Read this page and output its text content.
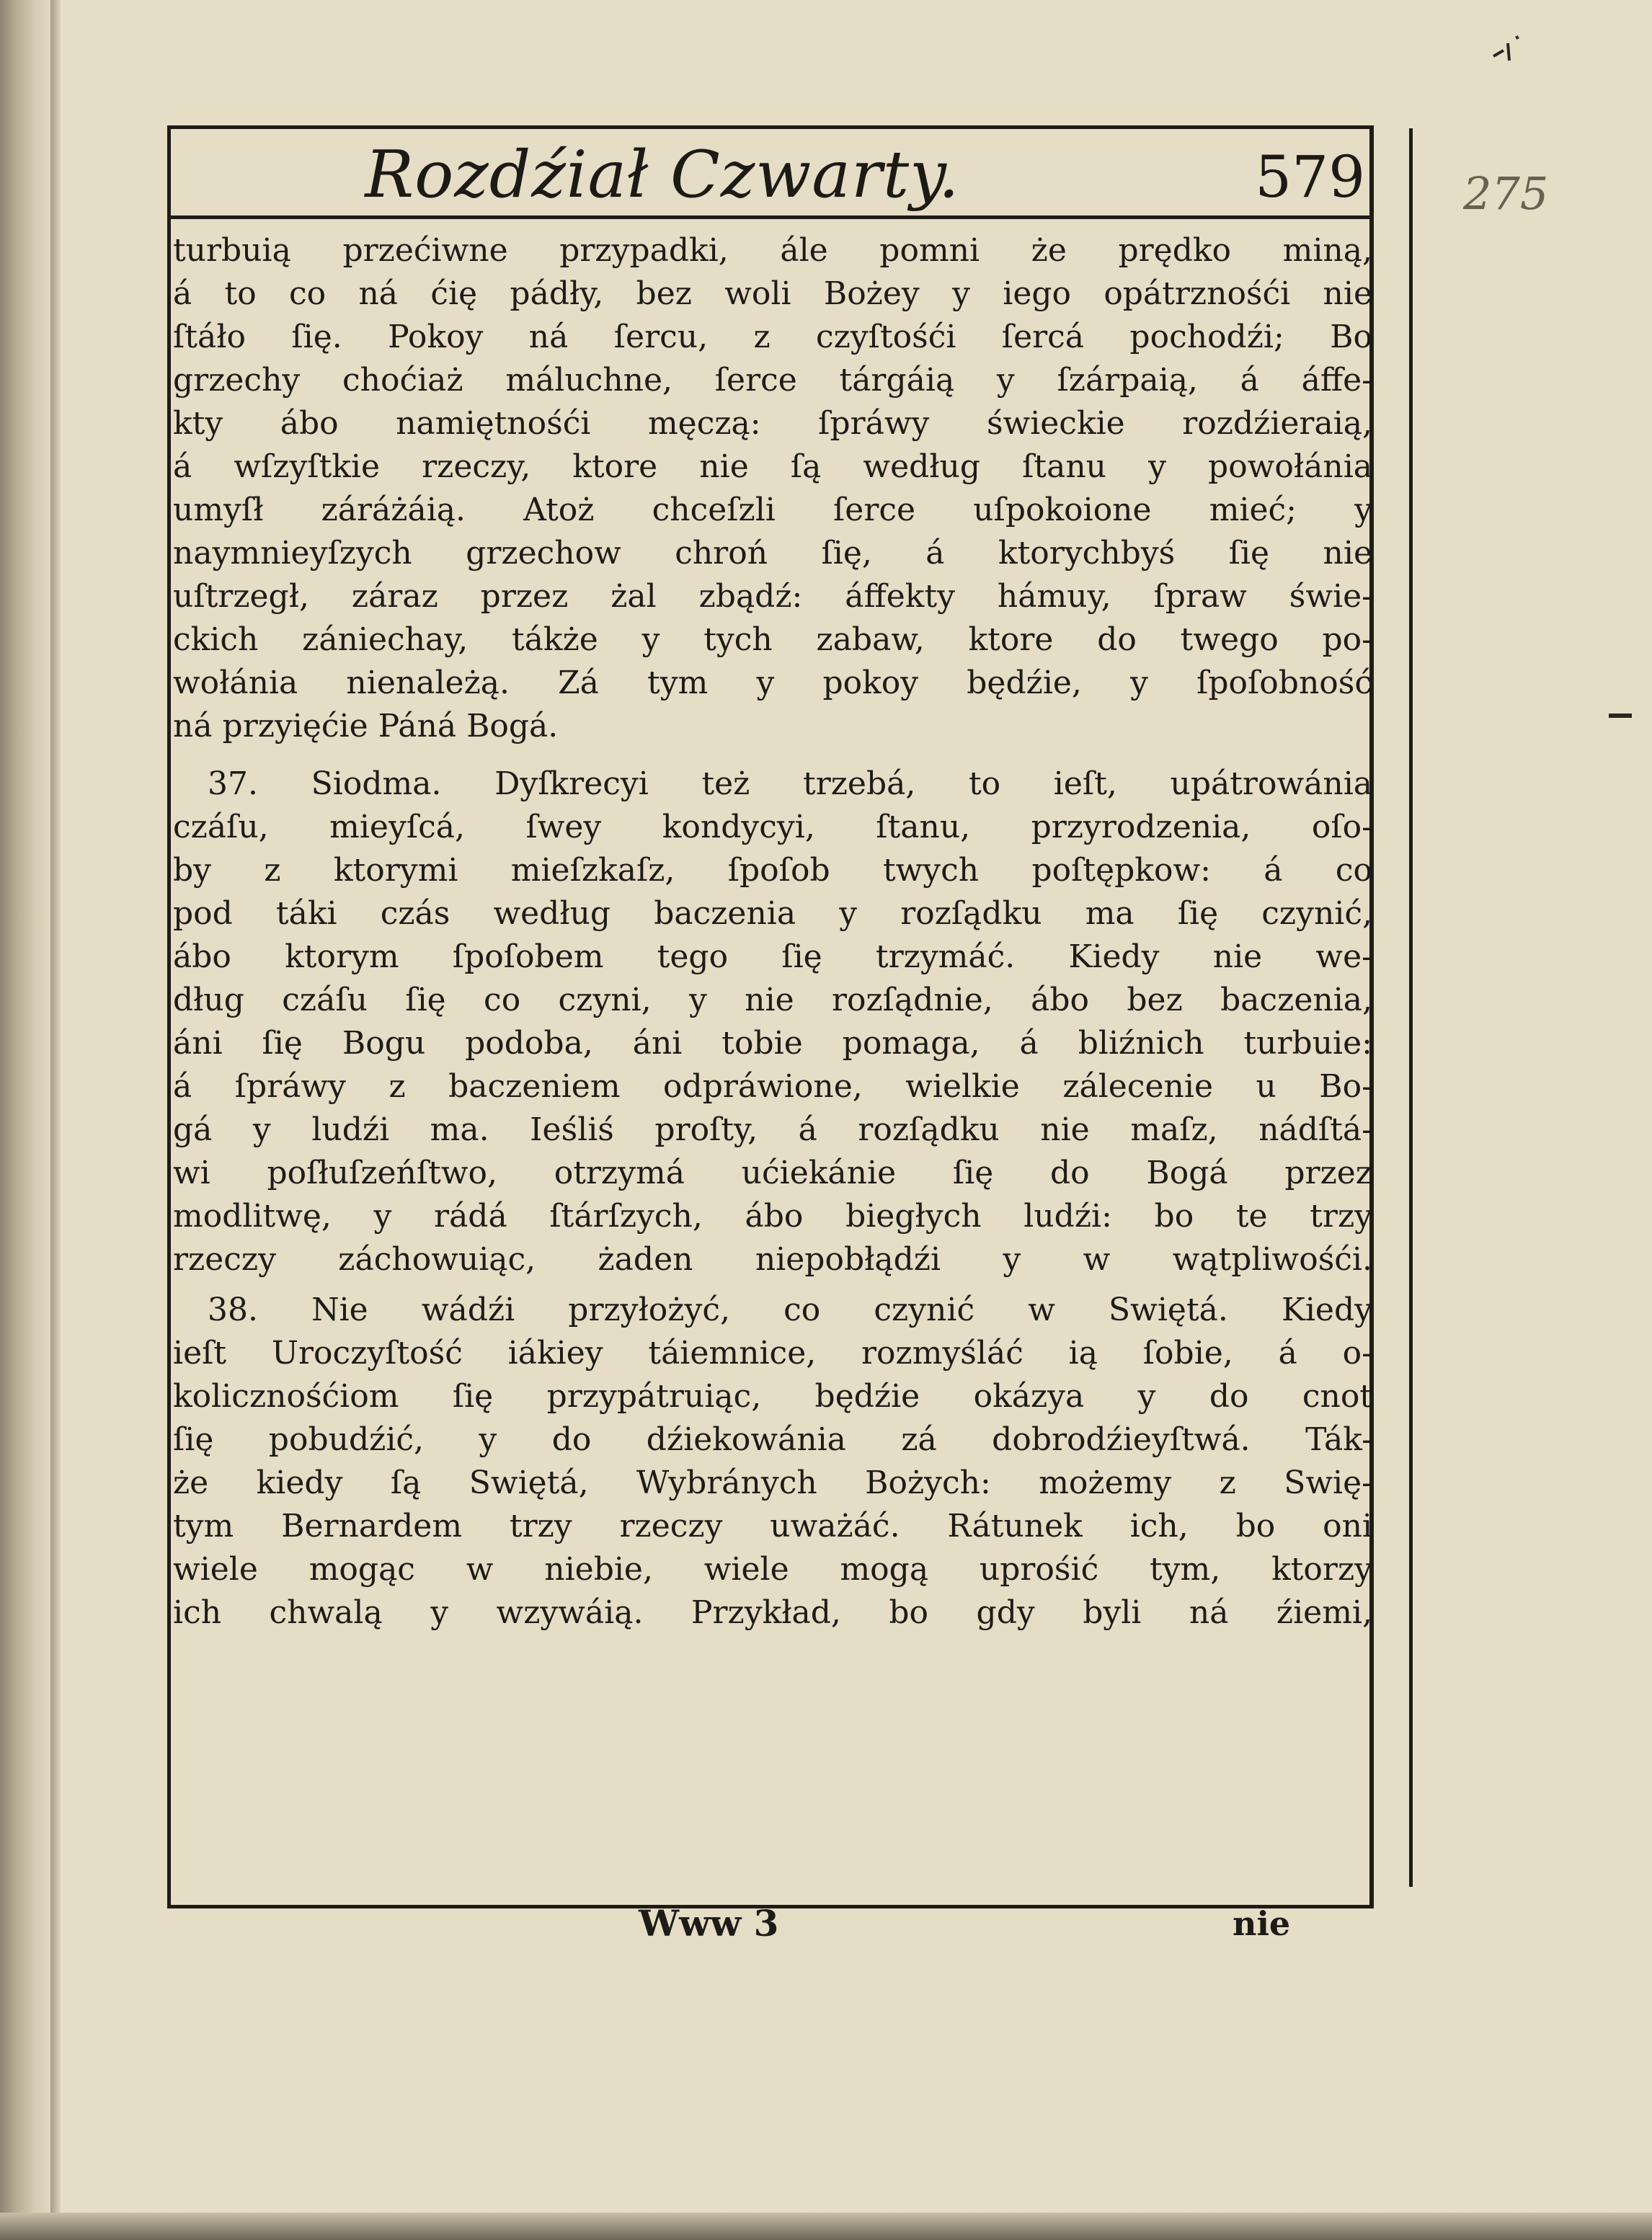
Rozdźiał Czwarty.	579 275
turbuią przećiwne przypadki, ále pomni że prędko miną,
á to co ná ćię pádły, bez woli Bożey y iego opátrznośći nie
ſtáło ſię. Pokoy ná ſercu, z czyſtośći ſercá pochodźi; Bo
grzechy choćiaż máluchne, ſerce tárgáią y ſzárpaią, á áffe-
kty ábo namiętnośći męczą: ſpráwy świeckie rozdźieraią,
á wſzyſtkie rzeczy, ktore nie ſą według ſtanu y powołánia
umyſł záráżáią. Atoż chceſzli ſerce uſpokoione mieć; y
naymnieyſzych grzechow chroń ſię, á ktorychbyś ſię nie
uſtrzegł, záraz przez żal zbądź: áffekty hámuy, ſpraw świe-
ckich zániechay, tákże y tych zabaw, ktore do twego po-
wołánia nienależą. Zá tym y pokoy będźie, y ſpoſobność
ná przyięćie Páná Bogá.
37. Siodma. Dyſkrecyi też trzebá, to ieſt, upátrowánia
czáſu, mieyſcá, ſwey kondycyi, ſtanu, przyrodzenia, oſo-
by z ktorymi mieſzkaſz, ſpoſob twych poſtępkow: á co
pod táki czás według baczenia y rozſądku ma ſię czynić,
ábo ktorym ſpoſobem tego ſię trzymáć. Kiedy nie we-
dług czáſu ſię co czyni, y nie rozſądnie, ábo bez baczenia,
áni ſię Bogu podoba, áni tobie pomaga, á bliźnich turbuie:
á ſpráwy z baczeniem odpráwione, wielkie zálecenie u Bo-
gá y ludźi ma. Ieśliś proſty, á rozſądku nie maſz, nádſtá-
wi poſłuſzeńſtwo, otrzymá ućiekánie ſię do Bogá przez
modlitwę, y rádá ſtárſzych, ábo biegłych ludźi: bo te trzy
rzeczy záchowuiąc, żaden niepobłądźi y w wątpliwośći.
38. Nie wádźi przyłożyć, co czynić w Swiętá. Kiedy
ieſt Uroczyſtość iákiey táiemnice, rozmyśláć ią ſobie, á o-
kolicznośćiom ſię przypátruiąc, będźie okázya y do cnot
ſię pobudźić, y do dźiekowánia zá dobrodźieyſtwá. Ták-
że kiedy ſą Swiętá, Wybránych Bożych: możemy z Swię-
tym Bernardem trzy rzeczy uważáć. Rátunek ich, bo oni
wiele mogąc w niebie, wiele mogą uprośić tym, ktorzy
ich chwalą y wzywáią. Przykład, bo gdy byli ná źiemi,
Www 3	nie
